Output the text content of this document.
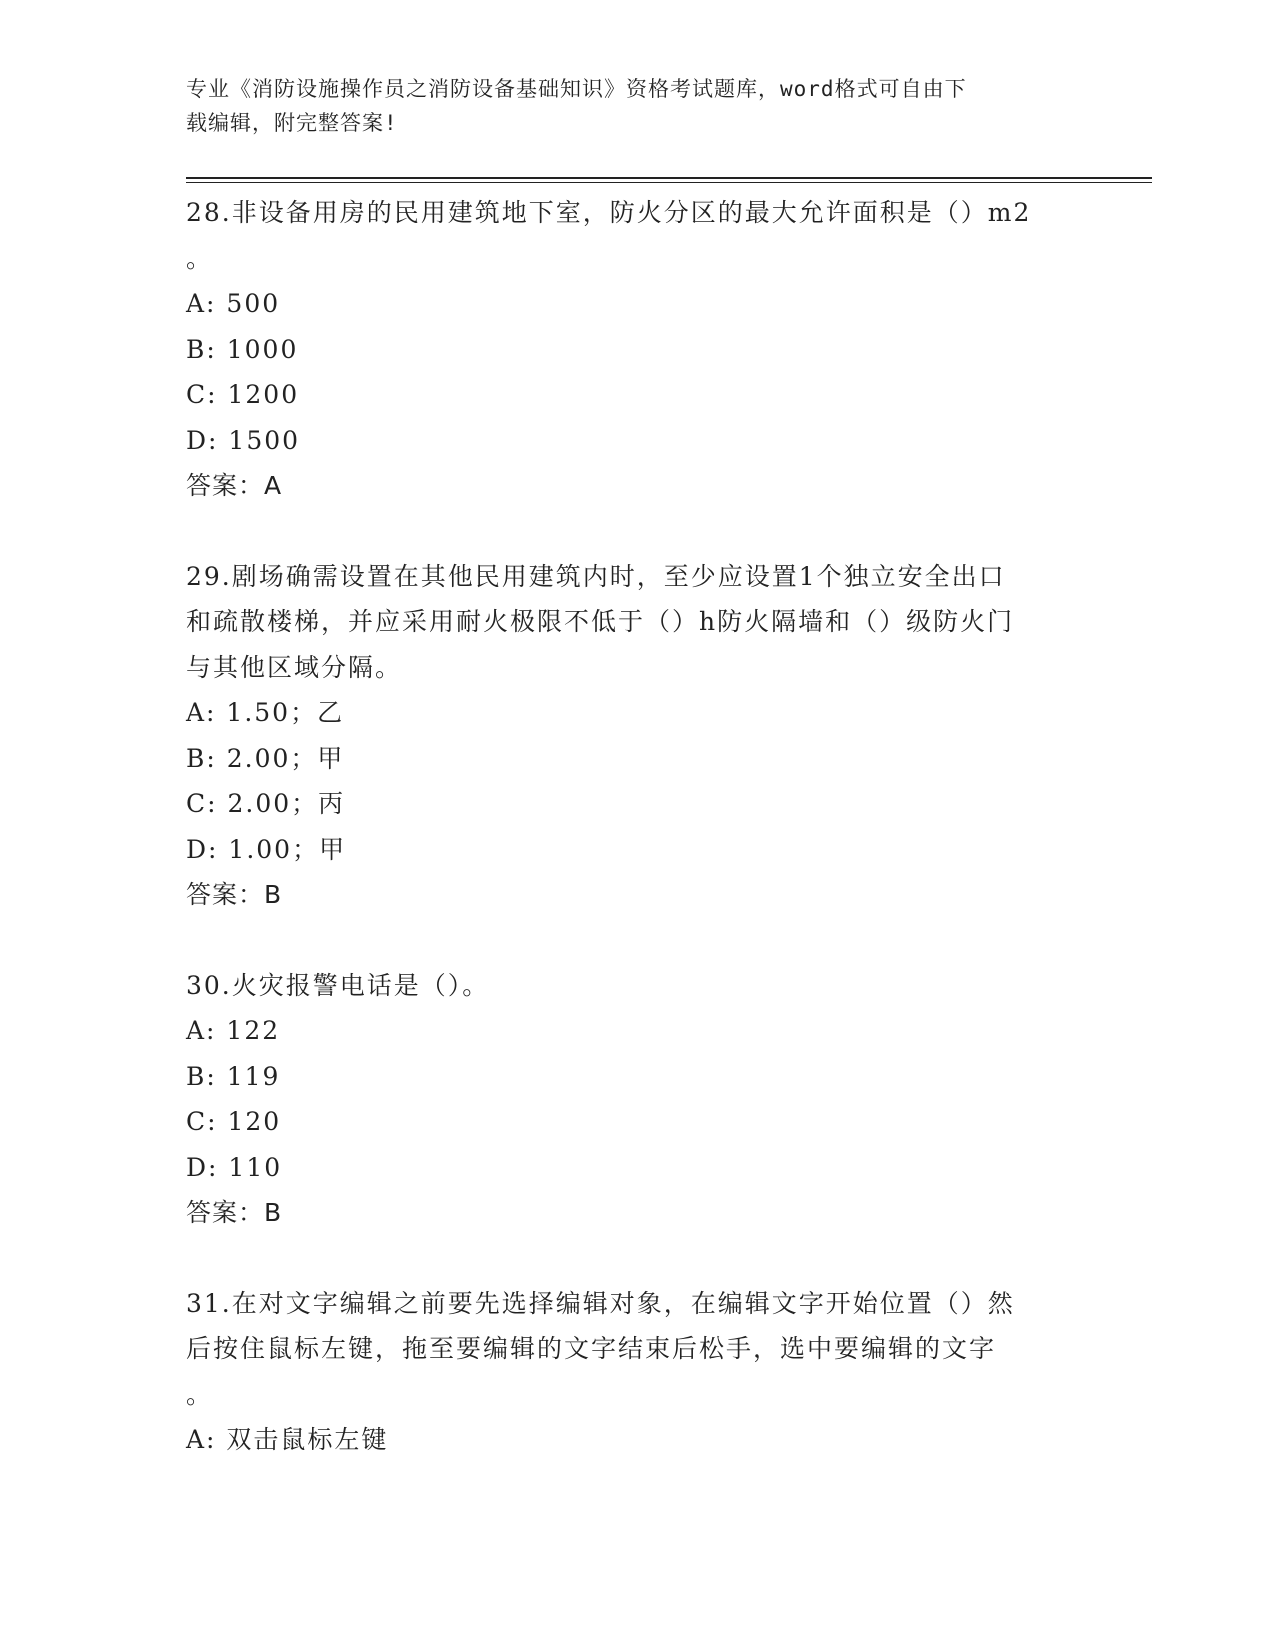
专业《消防设施操作员之消防设备基础知识》资格考试题库，word格式可自由下
载编辑，附完整答案!

28.非设备用房的民用建筑地下室，防火分区的最大允许面积是（）m2

。

A: 500

B: 1000

C: 1200

D: 1500

答案：A

29.剧场确需设置在其他民用建筑内时，至少应设置1个独立安全出口

和疏散楼梯，并应采用耐火极限不低于（）h防火隔墙和（）级防火门

与其他区域分隔。

A: 1.50；乙

B: 2.00；甲

C: 2.00；丙

D: 1.00；甲

答案：B

30.火灾报警电话是（）。

A: 122

B: 119

C: 120

D: 110

答案：B

31.在对文字编辑之前要先选择编辑对象，在编辑文字开始位置（）然

后按住鼠标左键，拖至要编辑的文字结束后松手，选中要编辑的文字

。

A: 双击鼠标左键
